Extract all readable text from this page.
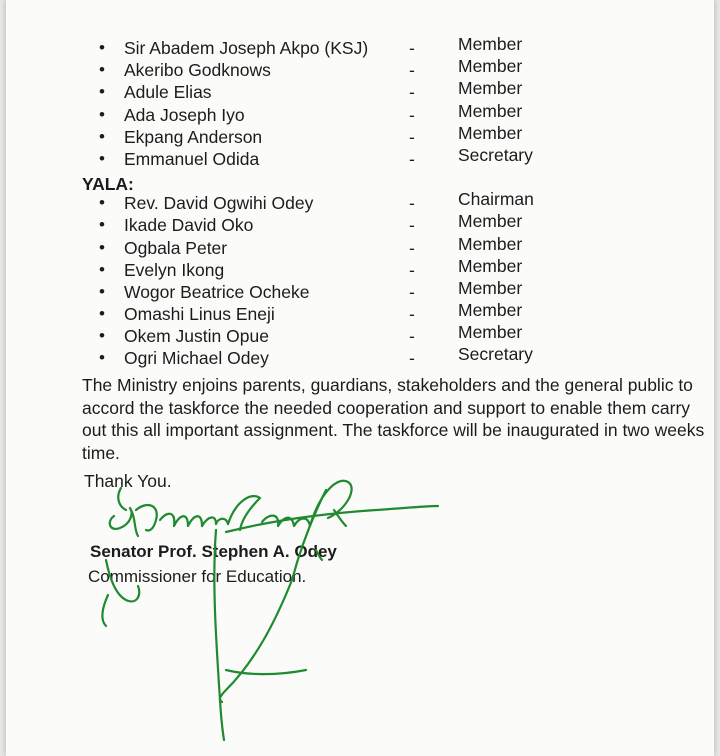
• Sir Abadem Joseph Akpo (KSJ) - Member
• Akeribo Godknows	- Member
• Adule Elias	- Member
• Ada Joseph Iyo	- Member
• Ekpang Anderson	- Member
• Emmanuel Odida	- Secretary
YALA:
• Rev. David Ogwihi Odey	- Chairman
• Ikade David Oko	- Member
• Ogbala Peter	- Member
• Evelyn Ikong	- Member
• Wogor Beatrice Ocheke	- Member
• Omashi Linus Eneji	- Member
• Okem Justin Opue	- Member
• Ogri Michael Odey	- Secretary
The Ministry enjoins parents, guardians, stakeholders and the general public to accord the taskforce the needed cooperation and support to enable them carry out this all important assignment. The taskforce will be inaugurated in two weeks time.
Thank You.
Senator Prof. Stephen A. Odey
Commissioner for Education.
